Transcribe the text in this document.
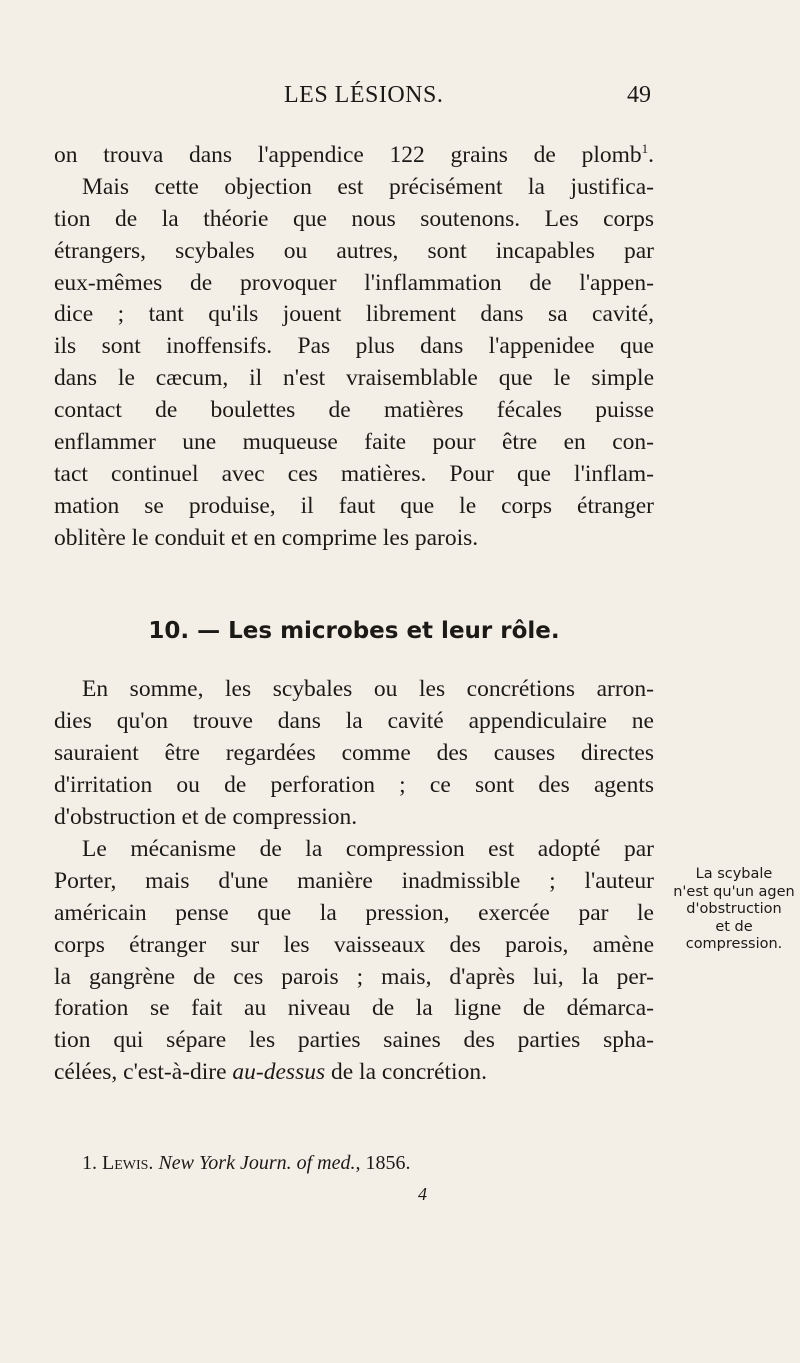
LES LÉSIONS.	49
on trouva dans l'appendice 122 grains de plomb$^1$.
Mais cette objection est précisément la justifica-
tion de la théorie que nous soutenons. Les corps
étrangers, scybales ou autres, sont incapables par
eux-mêmes de provoquer l'inflammation de l'appen-
dice ; tant qu'ils jouent librement dans sa cavité,
ils sont inoffensifs. Pas plus dans l'appenidee que
dans le cæcum, il n'est vraisemblable que le simple
contact de boulettes de matières fécales puisse
enflammer une muqueuse faite pour être en con-
tact continuel avec ces matières. Pour que l'inflam-
mation se produise, il faut que le corps étranger
oblitère le conduit et en comprime les parois.
10. — Les microbes et leur rôle.
En somme, les scybales ou les concrétions arron-
dies qu'on trouve dans la cavité appendiculaire ne
sauraient être regardées comme des causes directes
d'irritation ou de perforation ; ce sont des agents
d'obstruction et de compression.
Le mécanisme de la compression est adopté par
Porter, mais d'une manière inadmissible ; l'auteur
américain pense que la pression, exercée par le
corps étranger sur les vaisseaux des parois, amène
la gangrène de ces parois ; mais, d'après lui, la per-
foration se fait au niveau de la ligne de démarca-
tion qui sépare les parties saines des parties spha-
célées, c'est-à-dire au-dessus de la concrétion.
La scybale
n'est qu'un agen
d'obstruction
et de
compression.
1. Lewis. New York Journ. of med., 1856.
4
